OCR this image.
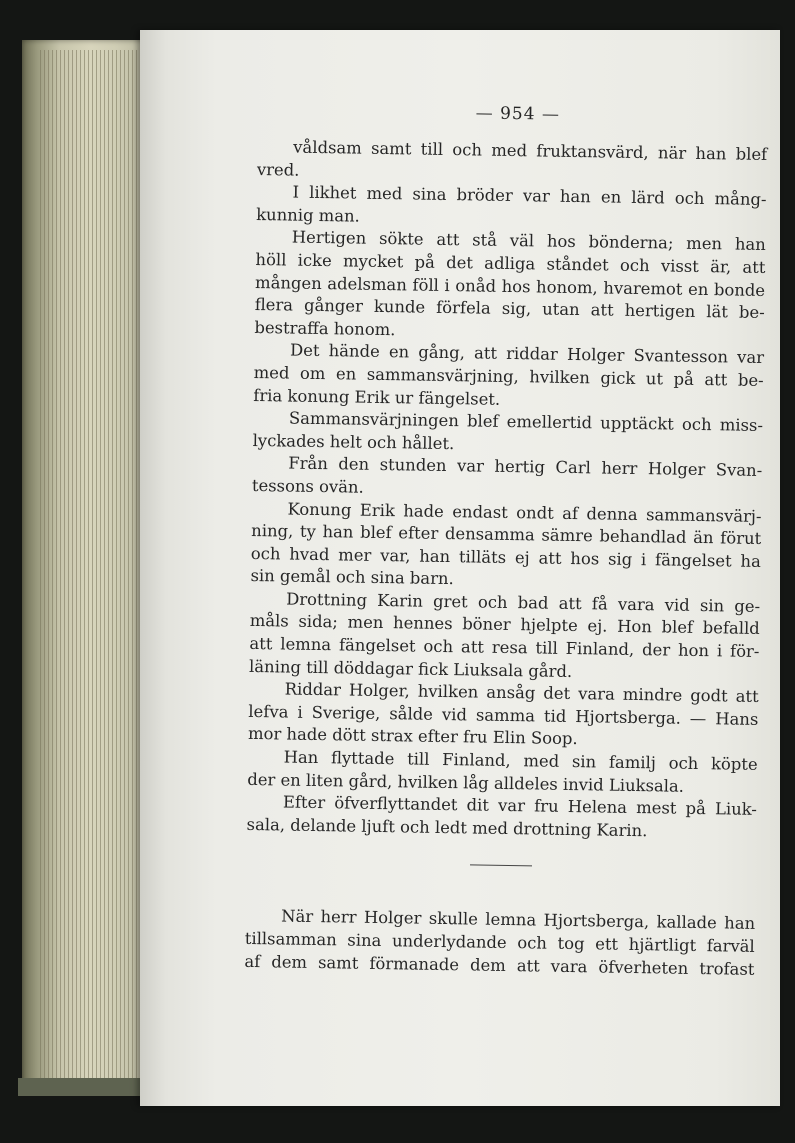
— 954 —
våldsam samt till och med fruktansvärd, när han blef
vred.
I likhet med sina bröder var han en lärd och mång-
kunnig man.
Hertigen sökte att stå väl hos bönderna; men han
höll icke mycket på det adliga ståndet och visst är, att
mången adelsman föll i onåd hos honom, hvaremot en bonde
flera gånger kunde förfela sig, utan att hertigen lät be-
bestraffa honom.
Det hände en gång, att riddar Holger Svantesson var
med om en sammansvärjning, hvilken gick ut på att be-
fria konung Erik ur fängelset.
Sammansvärjningen blef emellertid upptäckt och miss-
lyckades helt och hållet.
Från den stunden var hertig Carl herr Holger Svan-
tessons ovän.
Konung Erik hade endast ondt af denna sammansvärj-
ning, ty han blef efter densamma sämre behandlad än förut
och hvad mer var, han tilläts ej att hos sig i fängelset ha
sin gemål och sina barn.
Drottning Karin gret och bad att få vara vid sin ge-
måls sida; men hennes böner hjelpte ej. Hon blef befalld
att lemna fängelset och att resa till Finland, der hon i för-
läning till döddagar fick Liuksala gård.
Riddar Holger, hvilken ansåg det vara mindre godt att
lefva i Sverige, sålde vid samma tid Hjortsberga. — Hans
mor hade dött strax efter fru Elin Soop.
Han flyttade till Finland, med sin familj och köpte
der en liten gård, hvilken låg alldeles invid Liuksala.
Efter öfverflyttandet dit var fru Helena mest på Liuk-
sala, delande ljuft och ledt med drottning Karin.
När herr Holger skulle lemna Hjortsberga, kallade han
tillsamman sina underlydande och tog ett hjärtligt farväl
af dem samt förmanade dem att vara öfverheten trofast
